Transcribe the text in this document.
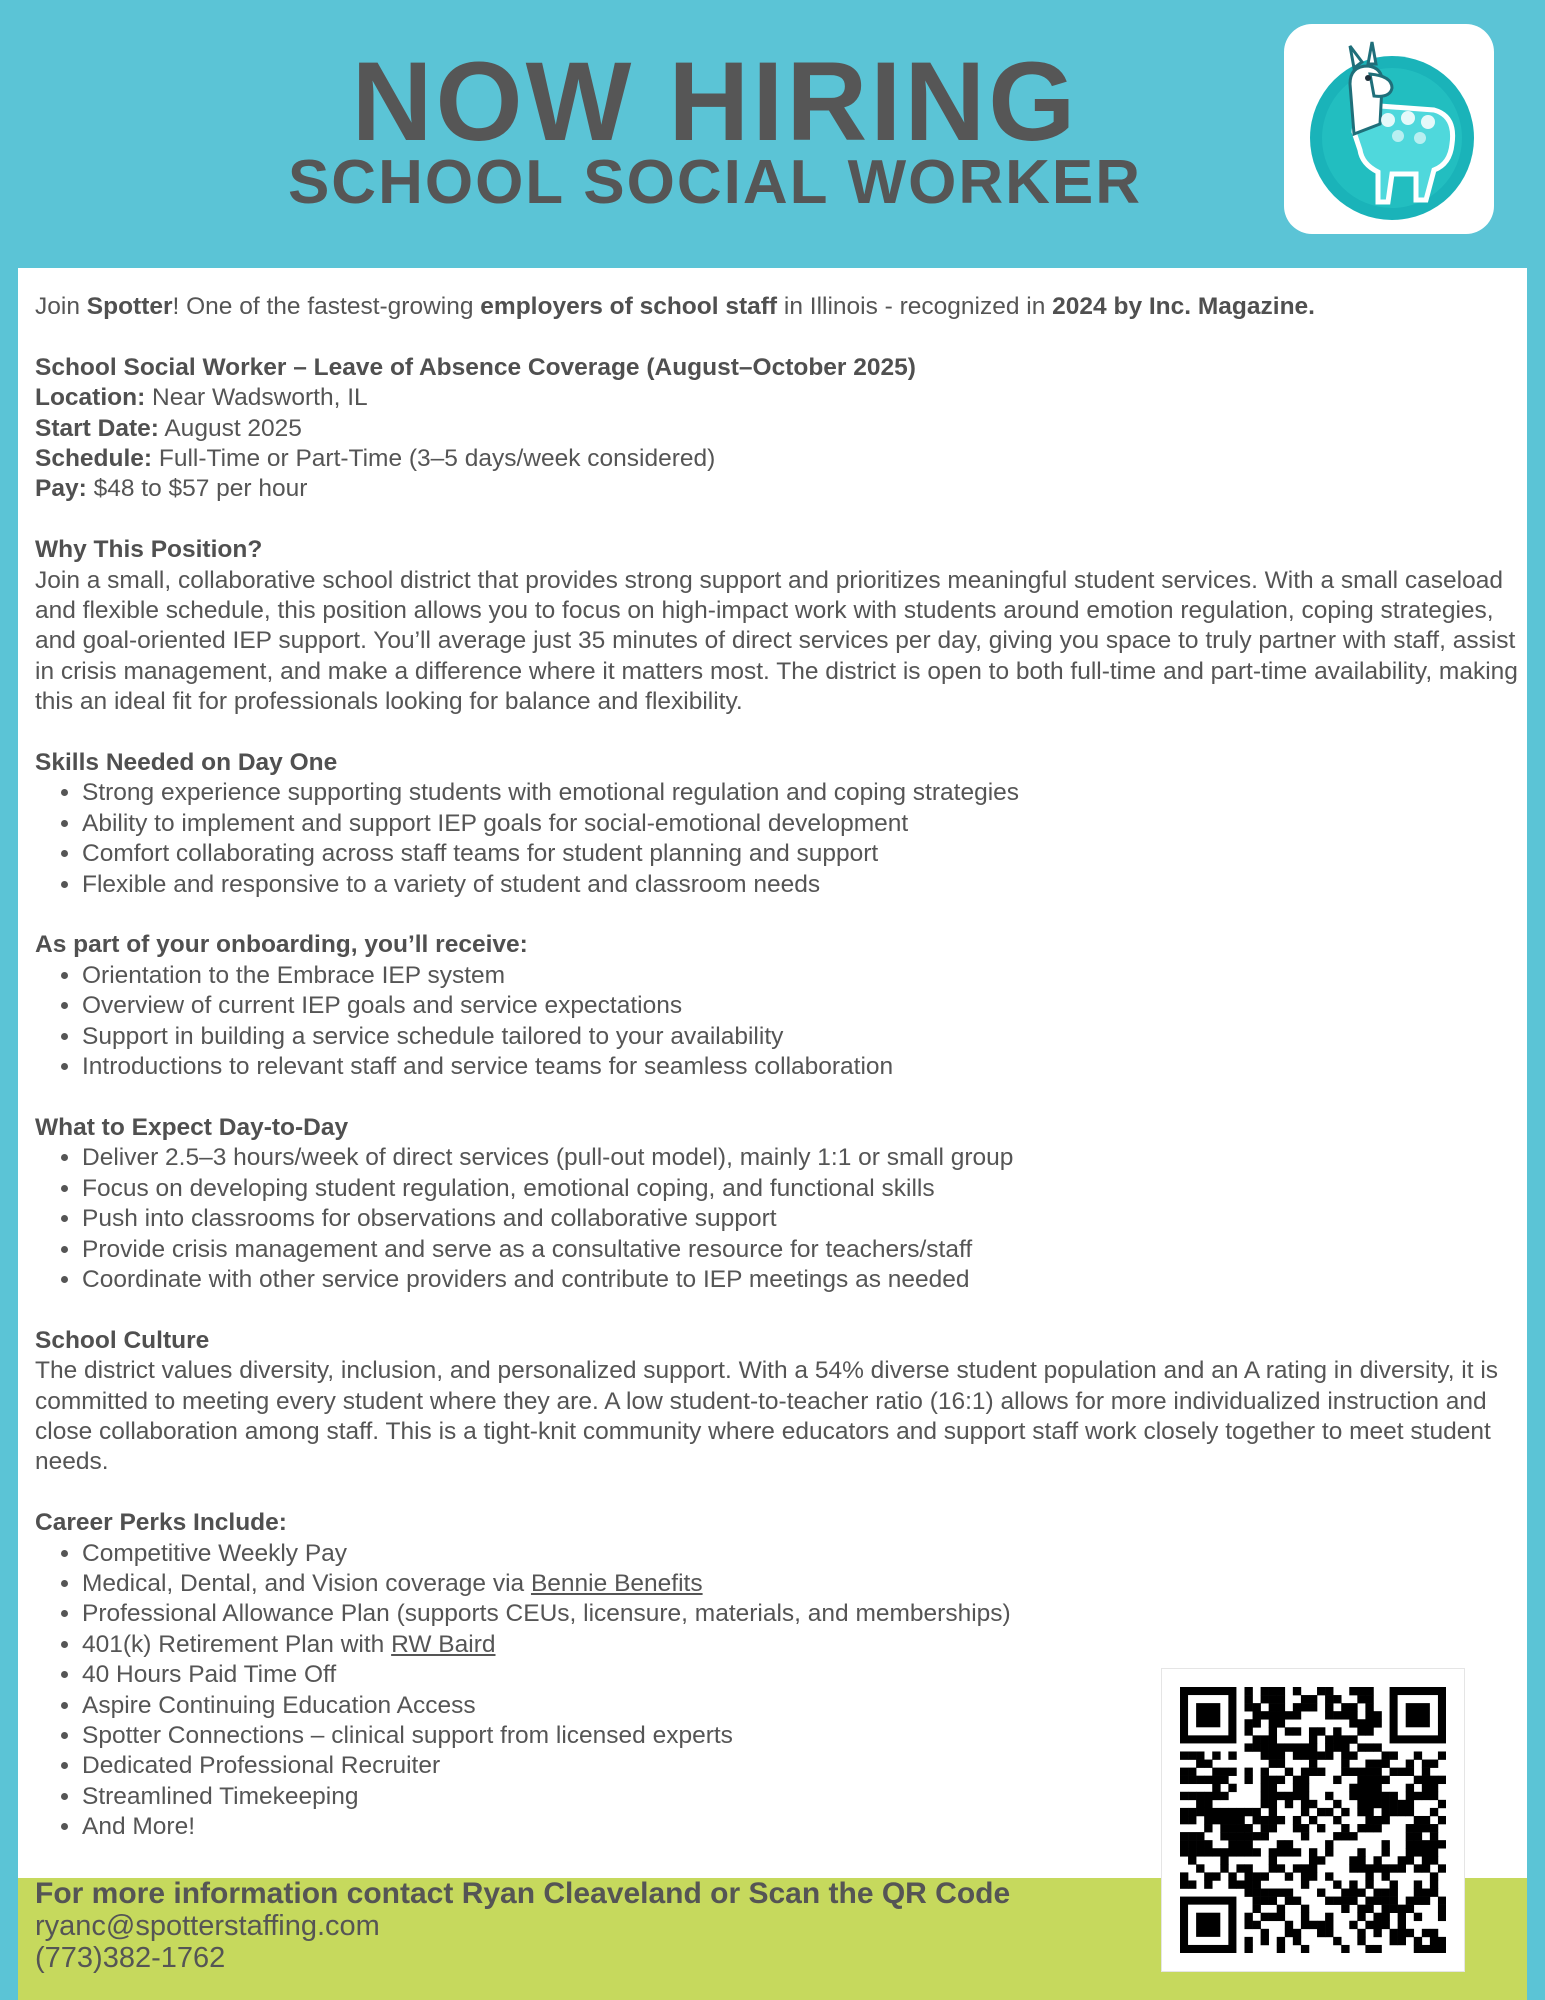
NOW HIRING
SCHOOL SOCIAL WORKER

Join Spotter! One of the fastest-growing employers of school staff in Illinois - recognized in 2024 by Inc. Magazine.

School Social Worker – Leave of Absence Coverage (August–October 2025)

Location: Near Wadsworth, IL

Start Date: August 2025

Schedule: Full-Time or Part-Time (3–5 days/week considered)

Pay: $48 to $57 per hour

Why This Position?

Join a small, collaborative school district that provides strong support and prioritizes meaningful student services. With a small caseload and flexible schedule, this position allows you to focus on high-impact work with students around emotion regulation, coping strategies, and goal-oriented IEP support. You’ll average just 35 minutes of direct services per day, giving you space to truly partner with staff, assist in crisis management, and make a difference where it matters most. The district is open to both full-time and part-time availability, making this an ideal fit for professionals looking for balance and flexibility.

Skills Needed on Day One

• Strong experience supporting students with emotional regulation and coping strategies
• Ability to implement and support IEP goals for social-emotional development
• Comfort collaborating across staff teams for student planning and support
• Flexible and responsive to a variety of student and classroom needs

As part of your onboarding, you’ll receive:

• Orientation to the Embrace IEP system
• Overview of current IEP goals and service expectations
• Support in building a service schedule tailored to your availability
• Introductions to relevant staff and service teams for seamless collaboration

What to Expect Day-to-Day

• Deliver 2.5–3 hours/week of direct services (pull-out model), mainly 1:1 or small group
• Focus on developing student regulation, emotional coping, and functional skills
• Push into classrooms for observations and collaborative support
• Provide crisis management and serve as a consultative resource for teachers/staff
• Coordinate with other service providers and contribute to IEP meetings as needed

School Culture

The district values diversity, inclusion, and personalized support. With a 54% diverse student population and an A rating in diversity, it is committed to meeting every student where they are. A low student-to-teacher ratio (16:1) allows for more individualized instruction and close collaboration among staff. This is a tight-knit community where educators and support staff work closely together to meet student needs.

Career Perks Include:

• Competitive Weekly Pay
• Medical, Dental, and Vision coverage via Bennie Benefits
• Professional Allowance Plan (supports CEUs, licensure, materials, and memberships)
• 401(k) Retirement Plan with RW Baird
• 40 Hours Paid Time Off
• Aspire Continuing Education Access
• Spotter Connections – clinical support from licensed experts
• Dedicated Professional Recruiter
• Streamlined Timekeeping
• And More!
For more information contact Ryan Cleaveland or Scan the QR Code
ryanc@spotterstaffing.com
(773)382-1762
